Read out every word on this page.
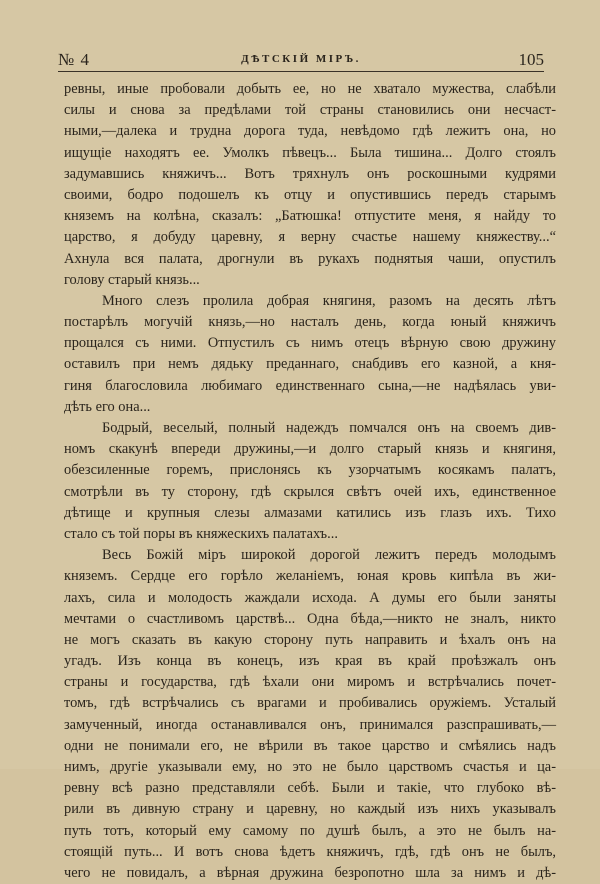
№ 4	ДѢТСКІЙ МІРЪ.	105
ревны, иные пробовали добыть ее, но не хватало мужества, слабѣли
силы и снова за предѣлами той страны становились они несчаст-
ными,—далека и трудна дорога туда, невѣдомо гдѣ лежитъ она, но
ищущіе находятъ ее. Умолкъ пѣвецъ... Была тишина... Долго стоялъ
задумавшись княжичъ... Вотъ тряхнулъ онъ роскошными кудрями
своими, бодро подошелъ къ отцу и опустившись передъ старымъ
княземъ на колѣна, сказалъ: „Батюшка! отпустите меня, я найду то
царство, я добуду царевну, я верну счастье нашему княжеству...“
Ахнула вся палата, дрогнули въ рукахъ поднятыя чаши, опустилъ
голову старый князь...
Много слезъ пролила добрая княгиня, разомъ на десять лѣтъ
постарѣлъ могучій князь,—но насталъ день, когда юный княжичъ
прощался съ ними. Отпустилъ съ нимъ отецъ вѣрную свою дружину
оставилъ при немъ дядьку преданнаго, снабдивъ его казной, а кня-
гиня благословила любимаго единственнаго сына,—не надѣялась уви-
дѣть его она...
Бодрый, веселый, полный надеждъ помчался онъ на своемъ див-
номъ скакунѣ впереди дружины,—и долго старый князь и княгиня,
обезсиленные горемъ, прислонясь къ узорчатымъ косякамъ палатъ,
смотрѣли въ ту сторону, гдѣ скрылся свѣтъ очей ихъ, единственное
дѣтище и крупныя слезы алмазами катились изъ глазъ ихъ. Тихо
стало съ той поры въ княжескихъ палатахъ...
Весь Божій міръ широкой дорогой лежитъ передъ молодымъ
княземъ. Сердце его горѣло желаніемъ, юная кровь кипѣла въ жи-
лахъ, сила и молодость жаждали исхода. А думы его были заняты
мечтами о счастливомъ царствѣ... Одна бѣда,—никто не зналъ, никто
не могъ сказать въ какую сторону путь направить и ѣхалъ онъ на
угадъ. Изъ конца въ конецъ, изъ края въ край проѣзжалъ онъ
страны и государства, гдѣ ѣхали они миромъ и встрѣчались почет-
томъ, гдѣ встрѣчались съ врагами и пробивались оружіемъ. Усталый
замученный, иногда останавливался онъ, принимался разспрашивать,—
одни не понимали его, не вѣрили въ такое царство и смѣялись надъ
нимъ, другіе указывали ему, но это не было царствомъ счастья и ца-
ревну всѣ разно представляли себѣ. Были и такіе, что глубоко вѣ-
рили въ дивную страну и царевну, но каждый изъ нихъ указывалъ
путь тотъ, который ему самому по душѣ былъ, а это не былъ на-
стоящій путь... И вотъ снова ѣдетъ княжичъ, гдѣ, гдѣ онъ не былъ,
чего не повидалъ, а вѣрная дружина безропотно шла за нимъ и дѣ-
